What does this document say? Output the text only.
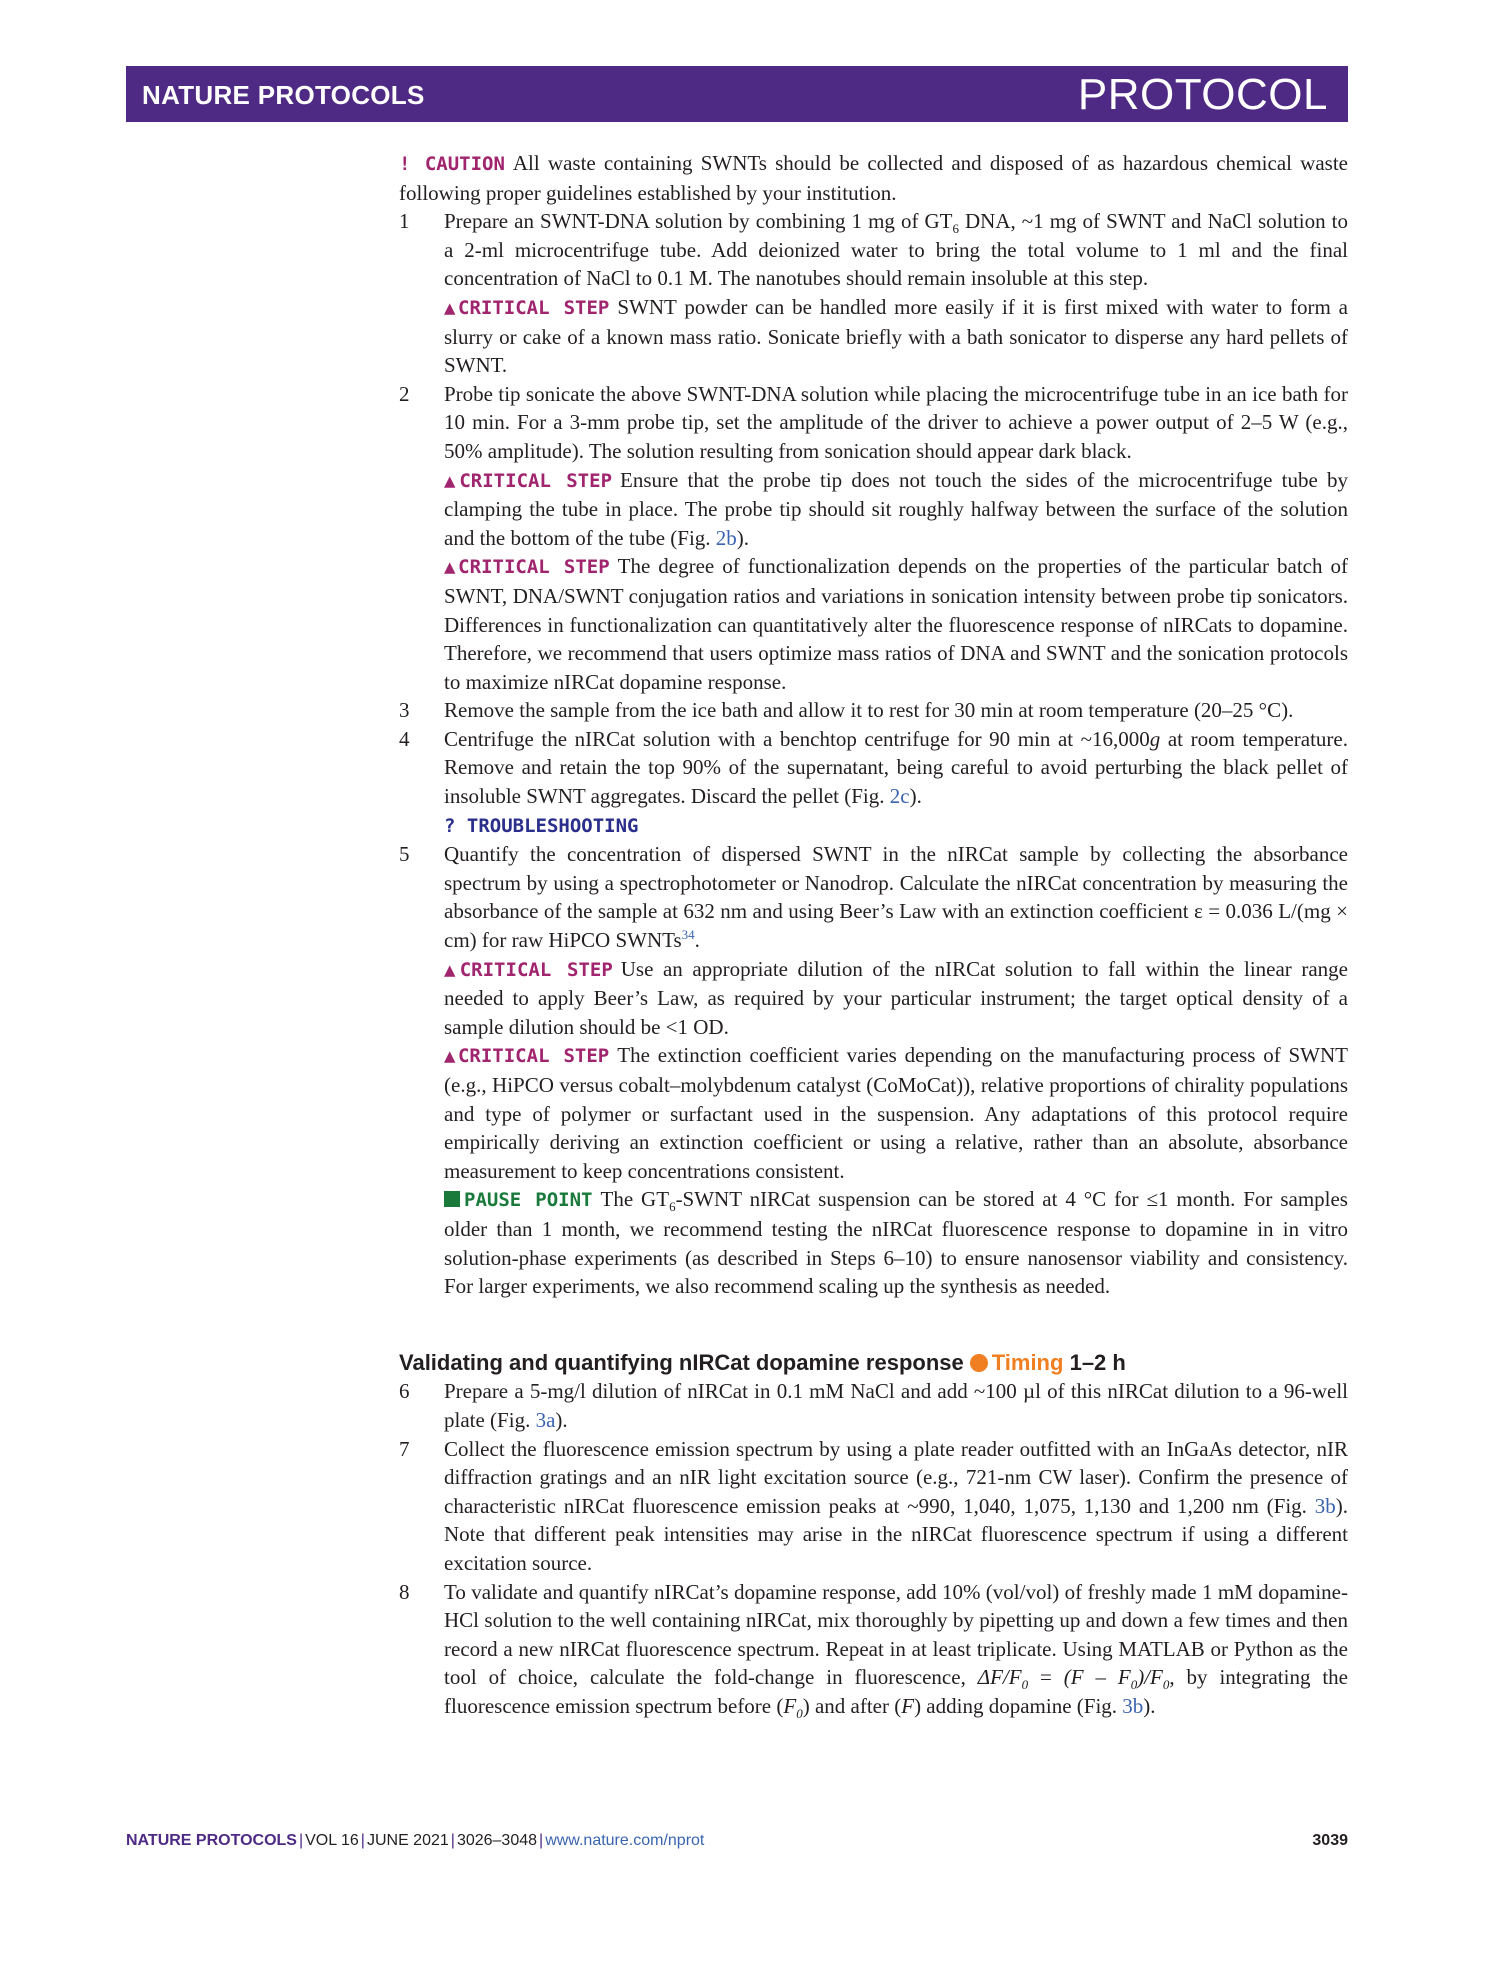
NATURE PROTOCOLS	PROTOCOL

! CAUTION All waste containing SWNTs should be collected and disposed of as hazardous chemical waste following proper guidelines established by your institution.

1 Prepare an SWNT-DNA solution by combining 1 mg of $GT_6$ DNA, ~1 mg of SWNT and NaCl solution to a 2-ml microcentrifuge tube. Add deionized water to bring the total volume to 1 ml and the final concentration of NaCl to 0.1 M. The nanotubes should remain insoluble at this step.

▲CRITICAL STEP SWNT powder can be handled more easily if it is first mixed with water to form a slurry or cake of a known mass ratio. Sonicate briefly with a bath sonicator to disperse any hard pellets of SWNT.

2 Probe tip sonicate the above SWNT-DNA solution while placing the microcentrifuge tube in an ice bath for 10 min. For a 3-mm probe tip, set the amplitude of the driver to achieve a power output of 2–5 W (e.g., 50% amplitude). The solution resulting from sonication should appear dark black.

▲CRITICAL STEP Ensure that the probe tip does not touch the sides of the microcentrifuge tube by clamping the tube in place. The probe tip should sit roughly halfway between the surface of the solution and the bottom of the tube (Fig. 2b).

▲CRITICAL STEP The degree of functionalization depends on the properties of the particular batch of SWNT, DNA/SWNT conjugation ratios and variations in sonication intensity between probe tip sonicators. Differences in functionalization can quantitatively alter the fluorescence response of nIRCats to dopamine. Therefore, we recommend that users optimize mass ratios of DNA and SWNT and the sonication protocols to maximize nIRCat dopamine response.

3 Remove the sample from the ice bath and allow it to rest for 30 min at room temperature (20–25 °C).

4 Centrifuge the nIRCat solution with a benchtop centrifuge for 90 min at ~16,000g at room temperature. Remove and retain the top 90% of the supernatant, being careful to avoid perturbing the black pellet of insoluble SWNT aggregates. Discard the pellet (Fig. 2c).

? TROUBLESHOOTING

5 Quantify the concentration of dispersed SWNT in the nIRCat sample by collecting the absorbance spectrum by using a spectrophotometer or Nanodrop. Calculate the nIRCat concentration by measuring the absorbance of the sample at 632 nm and using Beer’s Law with an extinction coefficient ε = 0.036 L/(mg × cm) for raw HiPCO SWNTs$^{34}$.

▲CRITICAL STEP Use an appropriate dilution of the nIRCat solution to fall within the linear range needed to apply Beer’s Law, as required by your particular instrument; the target optical density of a sample dilution should be <1 OD.

▲CRITICAL STEP The extinction coefficient varies depending on the manufacturing process of SWNT (e.g., HiPCO versus cobalt–molybdenum catalyst (CoMoCat)), relative proportions of chirality populations and type of polymer or surfactant used in the suspension. Any adaptations of this protocol require empirically deriving an extinction coefficient or using a relative, rather than an absolute, absorbance measurement to keep concentrations consistent.

PAUSE POINT The $GT_6$-SWNT nIRCat suspension can be stored at 4 °C for ≤1 month. For samples older than 1 month, we recommend testing the nIRCat fluorescence response to dopamine in in vitro solution-phase experiments (as described in Steps 6–10) to ensure nanosensor viability and consistency. For larger experiments, we also recommend scaling up the synthesis as needed.

Validating and quantifying nIRCat dopamine response Timing 1–2 h

6 Prepare a 5-mg/l dilution of nIRCat in 0.1 mM NaCl and add ~100 µl of this nIRCat dilution to a 96-well plate (Fig. 3a).

7 Collect the fluorescence emission spectrum by using a plate reader outfitted with an InGaAs detector, nIR diffraction gratings and an nIR light excitation source (e.g., 721-nm CW laser). Confirm the presence of characteristic nIRCat fluorescence emission peaks at ~990, 1,040, 1,075, 1,130 and 1,200 nm (Fig. 3b). Note that different peak intensities may arise in the nIRCat fluorescence spectrum if using a different excitation source.

8 To validate and quantify nIRCat’s dopamine response, add 10% (vol/vol) of freshly made 1 mM dopamine-HCl solution to the well containing nIRCat, mix thoroughly by pipetting up and down a few times and then record a new nIRCat fluorescence spectrum. Repeat in at least triplicate. Using MATLAB or Python as the tool of choice, calculate the fold-change in fluorescence, $\Delta F/F_0 = (F - F_0)/F_0$, by integrating the fluorescence emission spectrum before $(F_0)$ and after (F) adding dopamine (Fig. 3b).

NATURE PROTOCOLS | VOL 16 | JUNE 2021 | 3026–3048 | www.nature.com/nprot	3039
